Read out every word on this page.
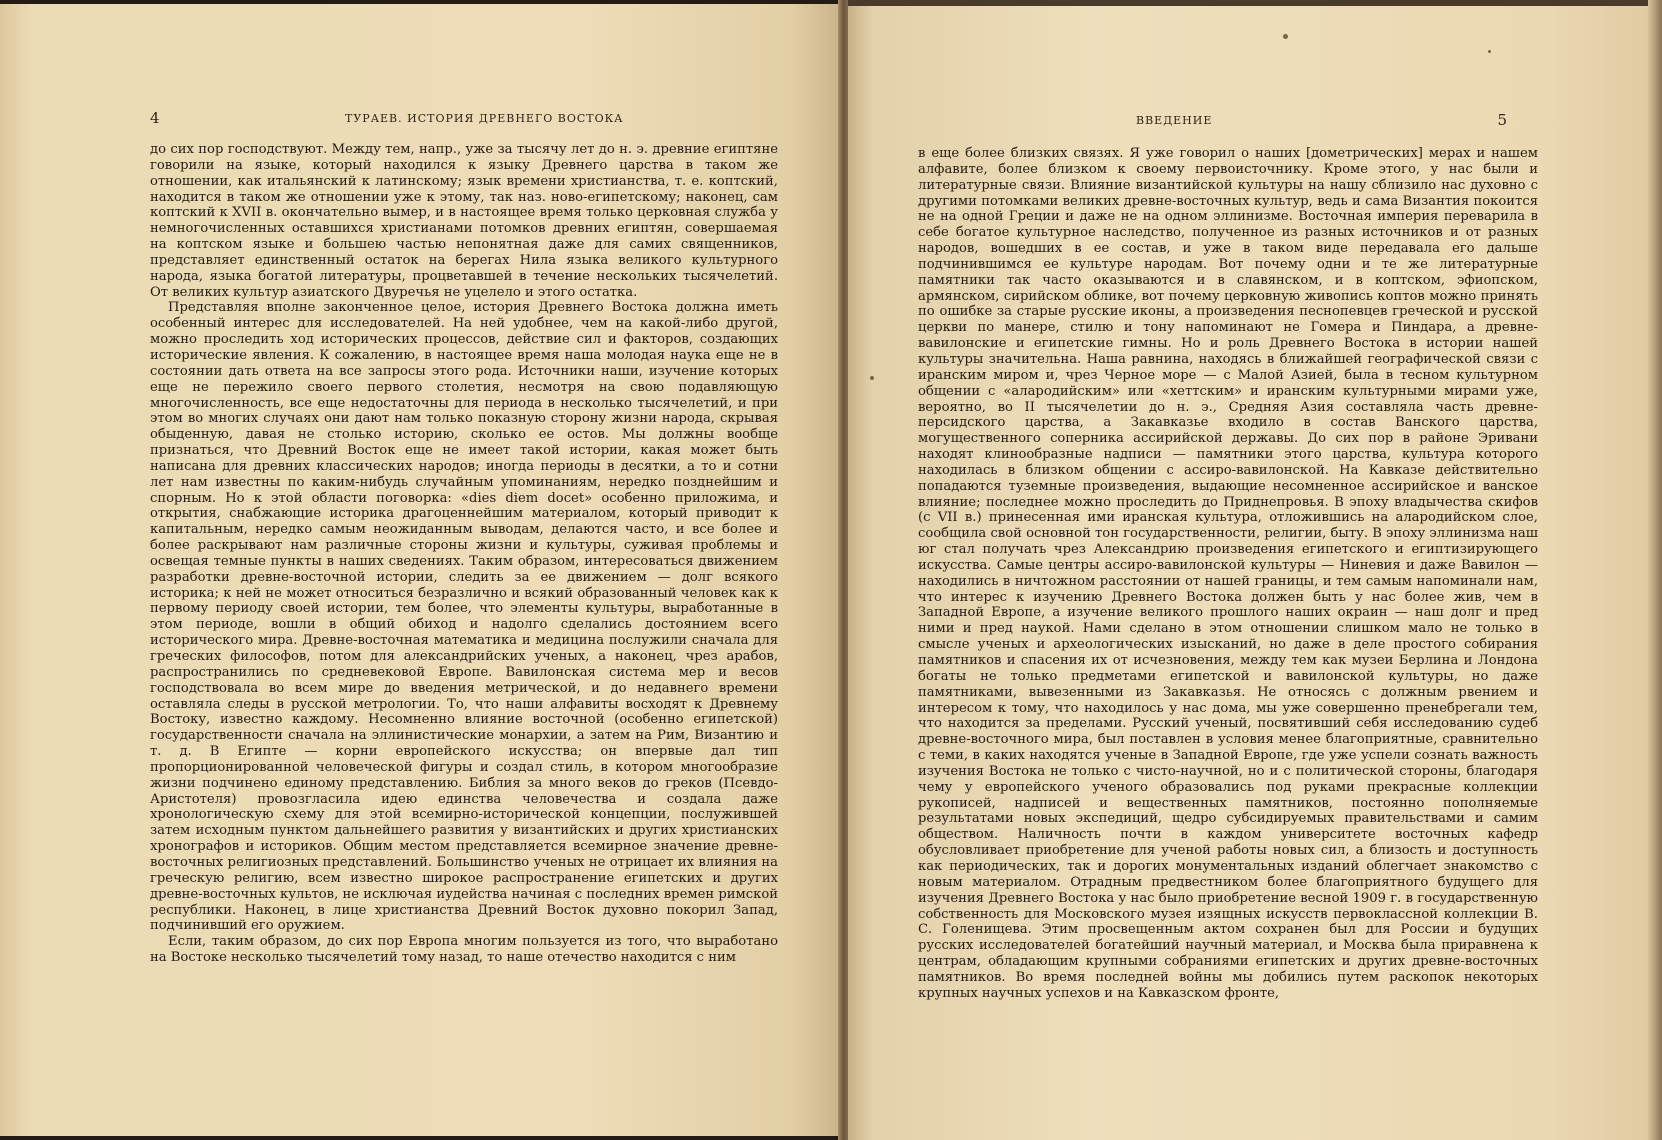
4	ТУРАЕВ. ИСТОРИЯ ДРЕВНЕГО ВОСТОКА

до сих пор господствуют. Между тем, напр., уже за тысячу лет до н. э. древние египтяне говорили на языке, который находился к языку Древнего царства в таком же отношении, как итальянский к латинскому; язык времени христианства, т. е. коптский, находится в таком же отношении уже к этому, так наз. ново-египетскому; наконец, сам коптский к XVII в. окончательно вымер, и в настоящее время только церковная служба у немногочисленных оставшихся христианами потомков древних египтян, совершаемая на коптском языке и большею частью непонятная даже для самих священников, представляет единственный остаток на берегах Нила языка великого культурного народа, языка богатой литературы, процветавшей в течение нескольких тысячелетий. От великих культур азиатского Двуречья не уцелело и этого остатка.

Представляя вполне законченное целое, история Древнего Востока должна иметь особенный интерес для исследователей. На ней удобнее, чем на какой-либо другой, можно проследить ход исторических процессов, действие сил и факторов, создающих исторические явления. К сожалению, в настоящее время наша молодая наука еще не в состоянии дать ответа на все запросы этого рода. Источники наши, изучение которых еще не пережило своего первого столетия, несмотря на свою подавляющую многочисленность, все еще недостаточны для периода в несколько тысячелетий, и при этом во многих случаях они дают нам только показную сторону жизни народа, скрывая обыденную, давая не столько историю, сколько ее остов. Мы должны вообще признаться, что Древний Восток еще не имеет такой истории, какая может быть написана для древних классических народов; иногда периоды в десятки, а то и сотни лет нам известны по каким-нибудь случайным упоминаниям, нередко позднейшим и спорным. Но к этой области поговорка: «dies diem docet» особенно приложима, и открытия, снабжающие историка драгоценнейшим материалом, который приводит к капитальным, нередко самым неожиданным выводам, делаются часто, и все более и более раскрывают нам различные стороны жизни и культуры, суживая проблемы и освещая темные пункты в наших сведениях. Таким образом, интересоваться движением разработки древне-восточной истории, следить за ее движением — долг всякого историка; к ней не может относиться безразлично и всякий образованный человек как к первому периоду своей истории, тем более, что элементы культуры, выработанные в этом периоде, вошли в общий обиход и надолго сделались достоянием всего исторического мира. Древне-восточная математика и медицина послужили сначала для греческих философов, потом для александрийских ученых, а наконец, чрез арабов, распространились по средневековой Европе. Вавилонская система мер и весов господствовала во всем мире до введения метрической, и до недавнего времени оставляла следы в русской метрологии. То, что наши алфавиты восходят к Древнему Востоку, известно каждому. Несомненно влияние восточной (особенно египетской) государственности сначала на эллинистические монархии, а затем на Рим, Византию и т. д. В Египте — корни европейского искусства; он впервые дал тип пропорционированной человеческой фигуры и создал стиль, в котором многообразие жизни подчинено единому представлению. Библия за много веков до греков (Псевдо-Аристотеля) провозгласила идею единства человечества и создала даже хронологическую схему для этой всемирно-исторической концепции, послужившей затем исходным пунктом дальнейшего развития у византийских и других христианских хронографов и историков. Общим местом представляется всемирное значение древне-восточных религиозных представлений. Большинство ученых не отрицает их влияния на греческую религию, всем известно широкое распространение египетских и других древне-восточных культов, не исключая иудейства начиная с последних времен римской республики. Наконец, в лице христианства Древний Восток духовно покорил Запад, подчинивший его оружием.

Если, таким образом, до сих пор Европа многим пользуется из того, что выработано на Востоке несколько тысячелетий тому назад, то наше отечество находится с ним

ВВЕДЕНИЕ	5

в еще более близких связях. Я уже говорил о наших [дометрических] мерах и нашем алфавите, более близком к своему первоисточнику. Кроме этого, у нас были и литературные связи. Влияние византийской культуры на нашу сблизило нас духовно с другими потомками великих древне-восточных культур, ведь и сама Византия покоится не на одной Греции и даже не на одном эллинизме. Восточная империя переварила в себе богатое культурное наследство, полученное из разных источников и от разных народов, вошедших в ее состав, и уже в таком виде передавала его дальше подчинившимся ее культуре народам. Вот почему одни и те же литературные памятники так часто оказываются и в славянском, и в коптском, эфиопском, армянском, сирийском облике, вот почему церковную живопись коптов можно принять по ошибке за старые русские иконы, а произведения песнопевцев греческой и русской церкви по манере, стилю и тону напоминают не Гомера и Пиндара, а древне-вавилонские и египетские гимны. Но и роль Древнего Востока в истории нашей культуры значительна. Наша равнина, находясь в ближайшей географической связи с иранским миром и, чрез Черное море — с Малой Азией, была в тесном культурном общении с «алародийским» или «хеттским» и иранским культурными мирами уже, вероятно, во II тысячелетии до н. э., Средняя Азия составляла часть древне-персидского царства, а Закавказье входило в состав Ванского царства, могущественного соперника ассирийской державы. До сих пор в районе Эривани находят клинообразные надписи — памятники этого царства, культура которого находилась в близком общении с ассиро-вавилонской. На Кавказе действительно попадаются туземные произведения, выдающие несомненное ассирийское и ванское влияние; последнее можно проследить до Приднепровья. В эпоху владычества скифов (с VII в.) принесенная ими иранская культура, отложившись на алародийском слое, сообщила свой основной тон государственности, религии, быту. В эпоху эллинизма наш юг стал получать чрез Александрию произведения египетского и египтизирующего искусства. Самые центры ассиро-вавилонской культуры — Ниневия и даже Вавилон — находились в ничтожном расстоянии от нашей границы, и тем самым напоминали нам, что интерес к изучению Древнего Востока должен быть у нас более жив, чем в Западной Европе, а изучение великого прошлого наших окраин — наш долг и пред ними и пред наукой. Нами сделано в этом отношении слишком мало не только в смысле ученых и археологических изысканий, но даже в деле простого собирания памятников и спасения их от исчезновения, между тем как музеи Берлина и Лондона богаты не только предметами египетской и вавилонской культуры, но даже памятниками, вывезенными из Закавказья. Не относясь с должным рвением и интересом к тому, что находилось у нас дома, мы уже совершенно пренебрегали тем, что находится за пределами. Русский ученый, посвятивший себя исследованию судеб древне-восточного мира, был поставлен в условия менее благоприятные, сравнительно с теми, в каких находятся ученые в Западной Европе, где уже успели сознать важность изучения Востока не только с чисто-научной, но и с политической стороны, благодаря чему у европейского ученого образовались под руками прекрасные коллекции рукописей, надписей и вещественных памятников, постоянно пополняемые результатами новых экспедиций, щедро субсидируемых правительствами и самим обществом. Наличность почти в каждом университете восточных кафедр обусловливает приобретение для ученой работы новых сил, а близость и доступность как периодических, так и дорогих монументальных изданий облегчает знакомство с новым материалом. Отрадным предвестником более благоприятного будущего для изучения Древнего Востока у нас было приобретение весной 1909 г. в государственную собственность для Московского музея изящных искусств первоклассной коллекции В. С. Голенищева. Этим просвещенным актом сохранен был для России и будущих русских исследователей богатейший научный материал, и Москва была приравнена к центрам, обладающим крупными собраниями египетских и других древне-восточных памятников. Во время последней войны мы добились путем раскопок некоторых крупных научных успехов и на Кавказском фронте,
